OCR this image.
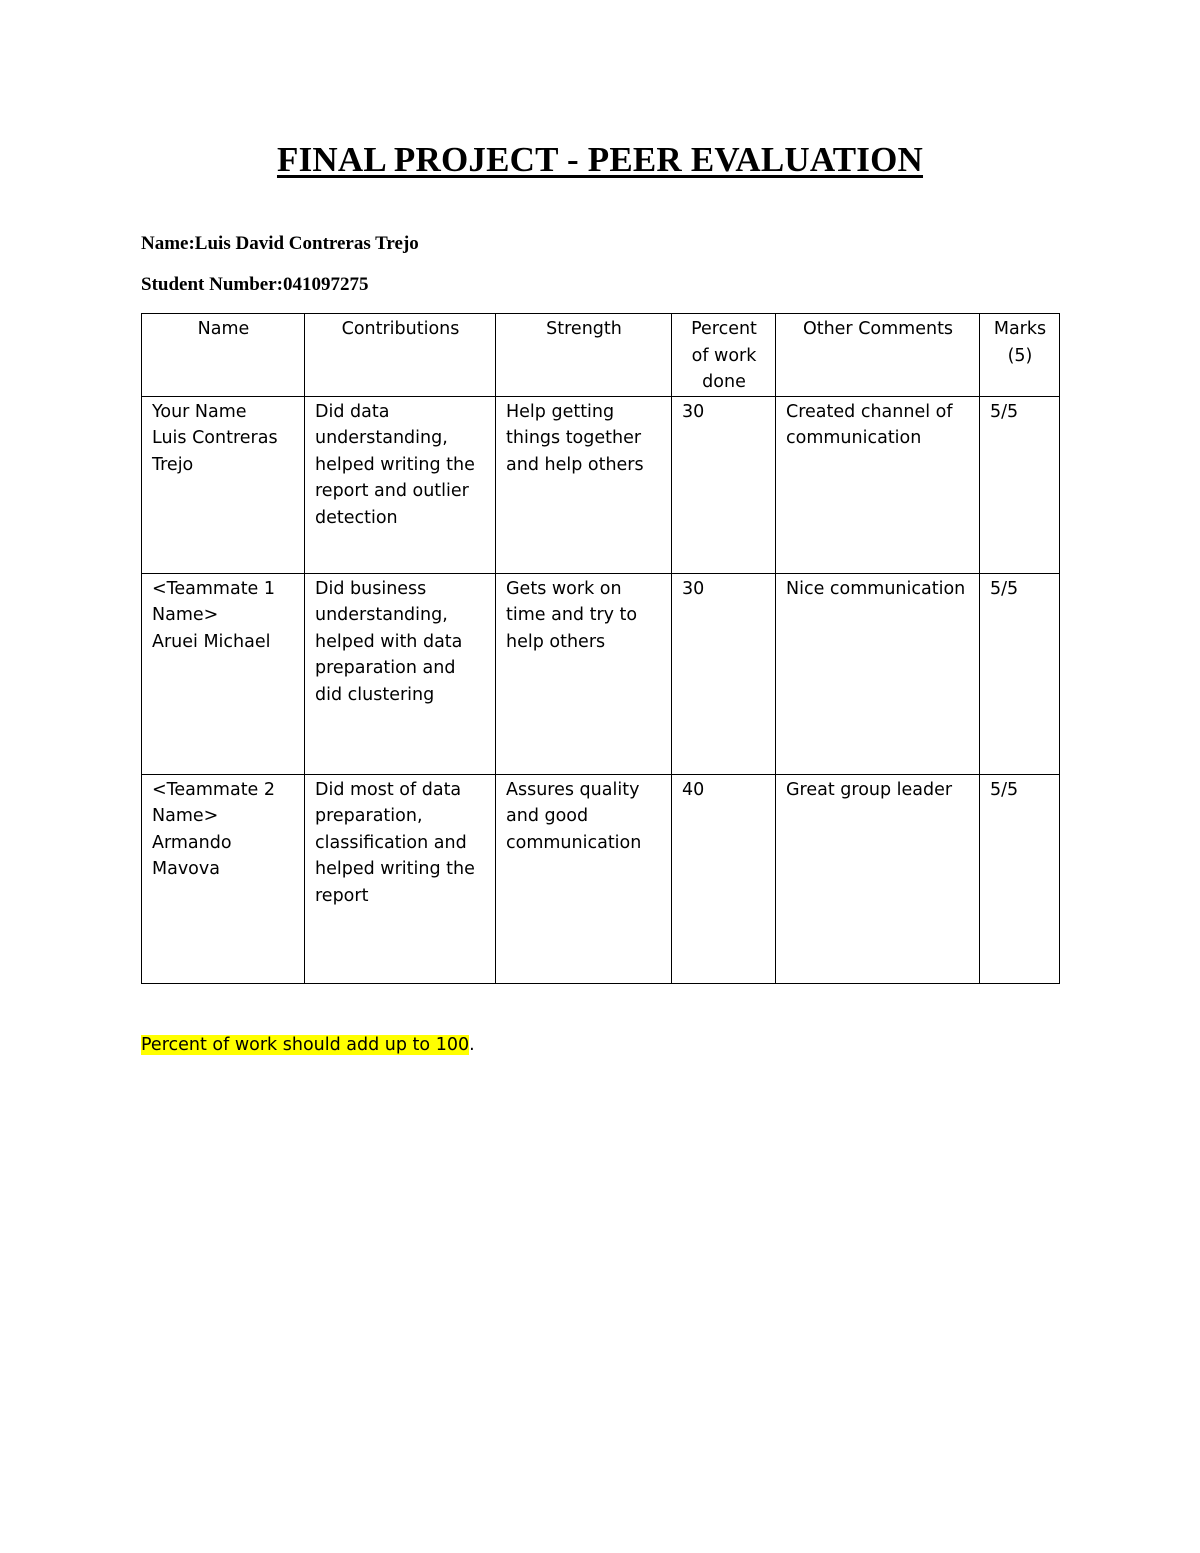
FINAL PROJECT - PEER EVALUATION
Name:Luis David Contreras Trejo
Student Number:041097275
Name	Contributions	Strength	Percent
of work
done	Other Comments	Marks
(5)
Your Name
Luis Contreras
Trejo	Did data
understanding,
helped writing the
report and outlier
detection	Help getting
things together
and help others	30	Created channel of
communication	5/5
<Teammate 1
Name>
Aruei Michael	Did business
understanding,
helped with data
preparation and
did clustering	Gets work on
time and try to
help others	30	Nice communication	5/5
<Teammate 2
Name>
Armando
Mavova	Did most of data
preparation,
classification and
helped writing the
report	Assures quality
and good
communication	40	Great group leader	5/5
Percent of work should add up to 100.
